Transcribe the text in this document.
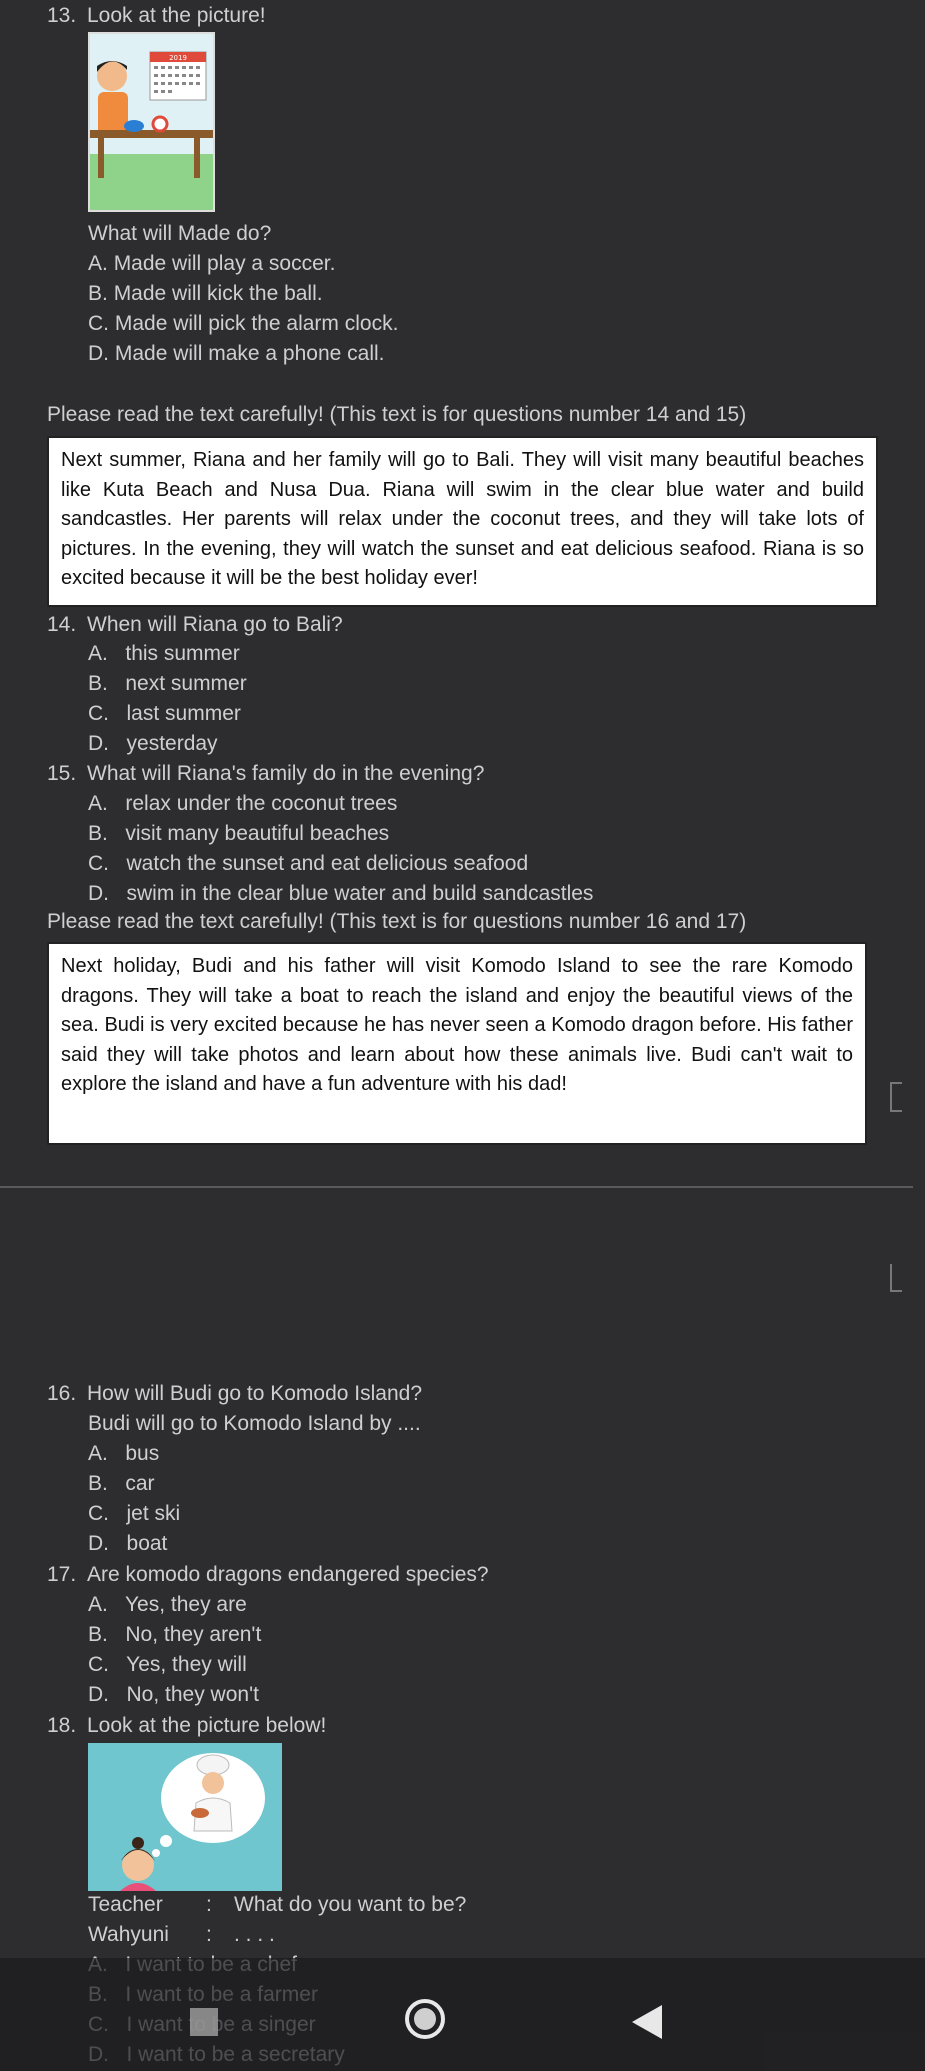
13. Look at the picture!
2019
What will Made do?
A. Made will play a soccer.
B. Made will kick the ball.
C. Made will pick the alarm clock.
D. Made will make a phone call.
Please read the text carefully! (This text is for questions number 14 and 15)
Next summer, Riana and her family will go to Bali. They will visit many beautiful beaches like Kuta Beach and Nusa Dua. Riana will swim in the clear blue water and build sandcastles. Her parents will relax under the coconut trees, and they will take lots of pictures. In the evening, they will watch the sunset and eat delicious seafood. Riana is so excited because it will be the best holiday ever!
14. When will Riana go to Bali?
A. this summer
B. next summer
C. last summer
D. yesterday
15. What will Riana's family do in the evening?
A. relax under the coconut trees
B. visit many beautiful beaches
C. watch the sunset and eat delicious seafood
D. swim in the clear blue water and build sandcastles
Please read the text carefully! (This text is for questions number 16 and 17)
Next holiday, Budi and his father will visit Komodo Island to see the rare Komodo dragons. They will take a boat to reach the island and enjoy the beautiful views of the sea. Budi is very excited because he has never seen a Komodo dragon before. His father said they will take photos and learn about how these animals live. Budi can't wait to explore the island and have a fun adventure with his dad!
16. How will Budi go to Komodo Island?
Budi will go to Komodo Island by ....
A. bus
B. car
C. jet ski
D. boat
17. Are komodo dragons endangered species?
A. Yes, they are
B. No, they aren't
C. Yes, they will
D. No, they won't
18. Look at the picture below!
Teacher : What do you want to be?
Wahyuni : . . . .
